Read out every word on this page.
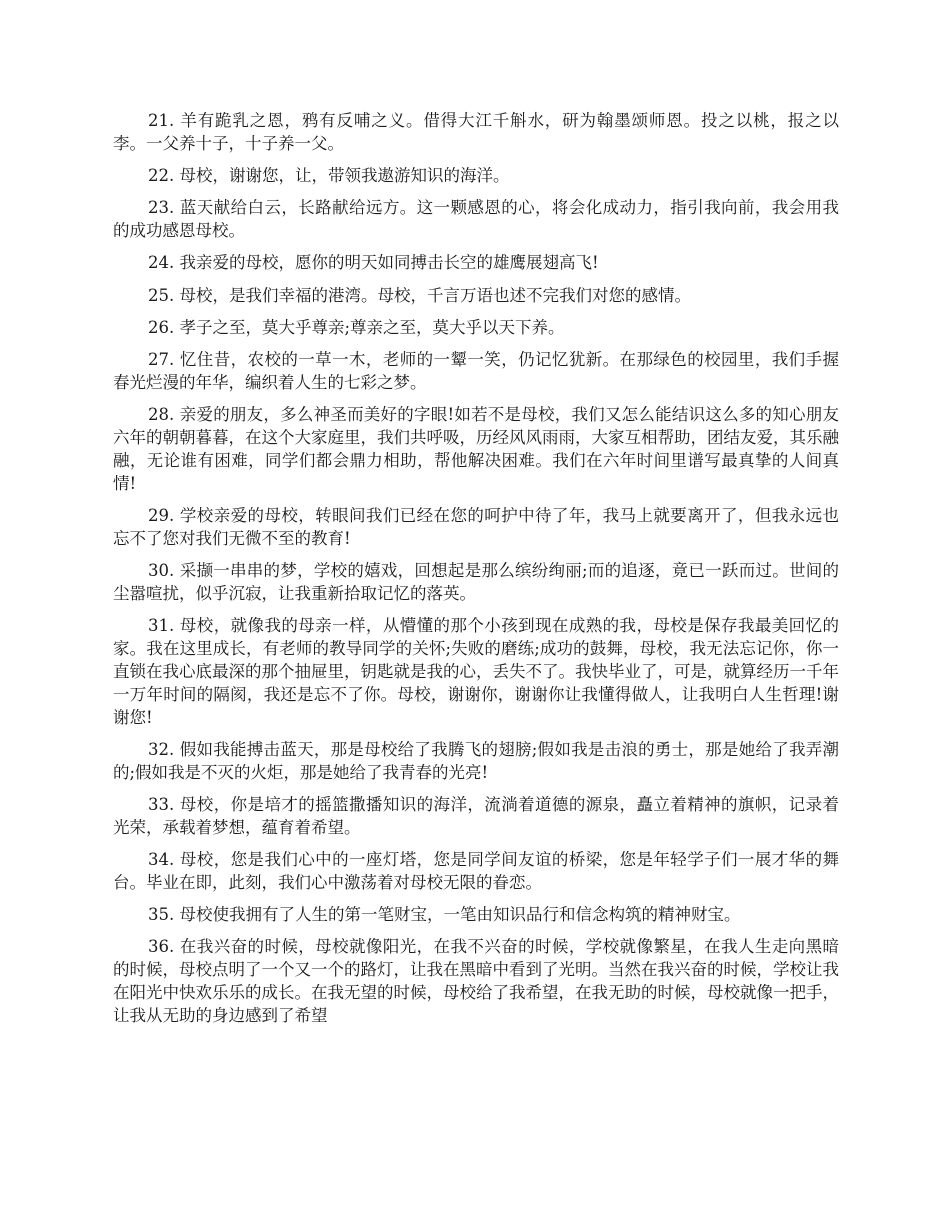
21. 羊有跪乳之恩，鸦有反哺之义。借得大江千斛水，研为翰墨颂师恩。投之以桃，报之以李。一父养十子，十子养一父。

22. 母校，谢谢您，让，带领我遨游知识的海洋。

23. 蓝天献给白云，长路献给远方。这一颗感恩的心，将会化成动力，指引我向前，我会用我的成功感恩母校。

24. 我亲爱的母校，愿你的明天如同搏击长空的雄鹰展翅高飞!

25. 母校，是我们幸福的港湾。母校，千言万语也述不完我们对您的感情。

26. 孝子之至，莫大乎尊亲;尊亲之至，莫大乎以天下养。

27. 忆住昔，农校的一草一木，老师的一颦一笑，仍记忆犹新。在那绿色的校园里，我们手握春光烂漫的年华，编织着人生的七彩之梦。

28. 亲爱的朋友，多么神圣而美好的字眼!如若不是母校，我们又怎么能结识这么多的知心朋友六年的朝朝暮暮，在这个大家庭里，我们共呼吸，历经风风雨雨，大家互相帮助，团结友爱，其乐融融，无论谁有困难，同学们都会鼎力相助，帮他解决困难。我们在六年时间里谱写最真挚的人间真情!

29. 学校亲爱的母校，转眼间我们已经在您的呵护中待了年，我马上就要离开了，但我永远也忘不了您对我们无微不至的教育!

30. 采撷一串串的梦，学校的嬉戏，回想起是那么缤纷绚丽;而的追逐，竟已一跃而过。世间的尘嚣喧扰，似乎沉寂，让我重新拾取记忆的落英。

31. 母校，就像我的母亲一样，从懵懂的那个小孩到现在成熟的我，母校是保存我最美回忆的家。我在这里成长，有老师的教导同学的关怀;失败的磨练;成功的鼓舞，母校，我无法忘记你，你一直锁在我心底最深的那个抽屉里，钥匙就是我的心，丢失不了。我快毕业了，可是，就算经历一千年一万年时间的隔阂，我还是忘不了你。母校，谢谢你，谢谢你让我懂得做人，让我明白人生哲理!谢谢您!

32. 假如我能搏击蓝天，那是母校给了我腾飞的翅膀;假如我是击浪的勇士，那是她给了我弄潮的;假如我是不灭的火炬，那是她给了我青春的光亮!

33. 母校，你是培才的摇篮撒播知识的海洋，流淌着道德的源泉，矗立着精神的旗帜，记录着光荣，承载着梦想，蕴育着希望。

34. 母校，您是我们心中的一座灯塔，您是同学间友谊的桥梁，您是年轻学子们一展才华的舞台。毕业在即，此刻，我们心中激荡着对母校无限的眷恋。

35. 母校使我拥有了人生的第一笔财宝，一笔由知识品行和信念构筑的精神财宝。

36. 在我兴奋的时候，母校就像阳光，在我不兴奋的时候，学校就像繁星，在我人生走向黑暗的时候，母校点明了一个又一个的路灯，让我在黑暗中看到了光明。当然在我兴奋的时候，学校让我在阳光中快欢乐乐的成长。在我无望的时候，母校给了我希望，在我无助的时候，母校就像一把手，让我从无助的身边感到了希望
